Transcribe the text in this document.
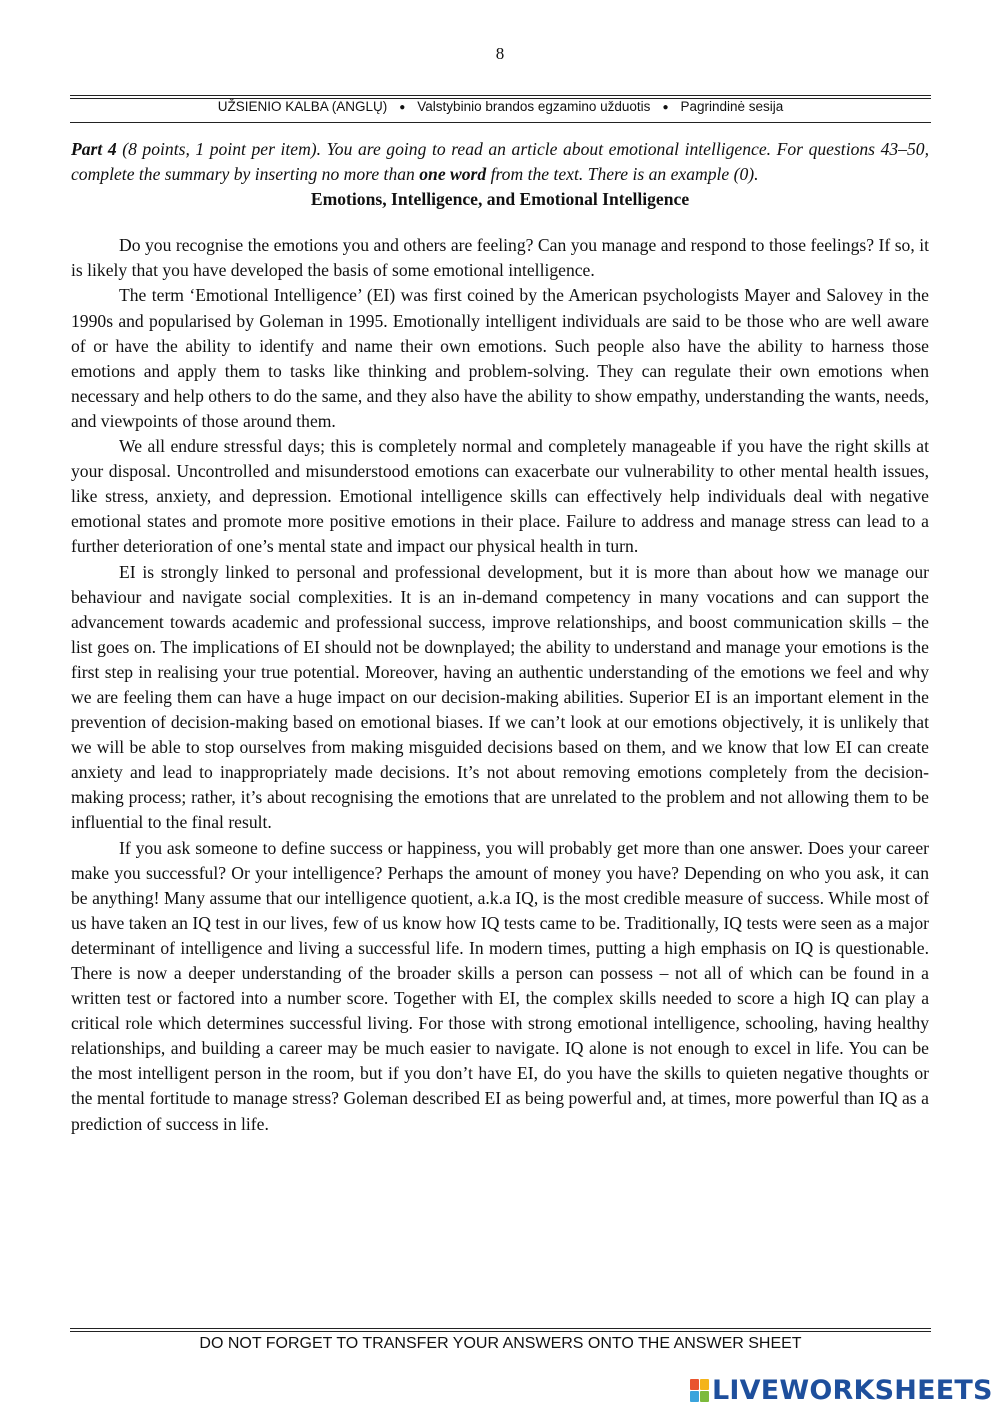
8
UŽSIENIO KALBA (ANGLŲ) ● Valstybinio brandos egzamino užduotis ● Pagrindinė sesija

Part 4 (8 points, 1 point per item). You are going to read an article about emotional intelligence. For questions 43–50, complete the summary by inserting no more than one word from the text. There is an example (0).

Emotions, Intelligence, and Emotional Intelligence

Do you recognise the emotions you and others are feeling? Can you manage and respond to those feelings? If so, it is likely that you have developed the basis of some emotional intelligence.

The term ‘Emotional Intelligence’ (EI) was first coined by the American psychologists Mayer and Salovey in the 1990s and popularised by Goleman in 1995. Emotionally intelligent individuals are said to be those who are well aware of or have the ability to identify and name their own emotions. Such people also have the ability to harness those emotions and apply them to tasks like thinking and problem-solving. They can regulate their own emotions when necessary and help others to do the same, and they also have the ability to show empathy, understanding the wants, needs, and viewpoints of those around them.

We all endure stressful days; this is completely normal and completely manageable if you have the right skills at your disposal. Uncontrolled and misunderstood emotions can exacerbate our vulnerability to other mental health issues, like stress, anxiety, and depression. Emotional intelligence skills can effectively help individuals deal with negative emotional states and promote more positive emotions in their place. Failure to address and manage stress can lead to a further deterioration of one’s mental state and impact our physical health in turn.

EI is strongly linked to personal and professional development, but it is more than about how we manage our behaviour and navigate social complexities. It is an in-demand competency in many vocations and can support the advancement towards academic and professional success, improve relationships, and boost communication skills – the list goes on. The implications of EI should not be downplayed; the ability to understand and manage your emotions is the first step in realising your true potential. Moreover, having an authentic understanding of the emotions we feel and why we are feeling them can have a huge impact on our decision-making abilities. Superior EI is an important element in the prevention of decision-making based on emotional biases. If we can’t look at our emotions objectively, it is unlikely that we will be able to stop ourselves from making misguided decisions based on them, and we know that low EI can create anxiety and lead to inappropriately made decisions. It’s not about removing emotions completely from the decision-making process; rather, it’s about recognising the emotions that are unrelated to the problem and not allowing them to be influential to the final result.

If you ask someone to define success or happiness, you will probably get more than one answer. Does your career make you successful? Or your intelligence? Perhaps the amount of money you have? Depending on who you ask, it can be anything! Many assume that our intelligence quotient, a.k.a IQ, is the most credible measure of success. While most of us have taken an IQ test in our lives, few of us know how IQ tests came to be. Traditionally, IQ tests were seen as a major determinant of intelligence and living a successful life. In modern times, putting a high emphasis on IQ is questionable. There is now a deeper understanding of the broader skills a person can possess – not all of which can be found in a written test or factored into a number score. Together with EI, the complex skills needed to score a high IQ can play a critical role which determines successful living. For those with strong emotional intelligence, schooling, having healthy relationships, and building a career may be much easier to navigate. IQ alone is not enough to excel in life. You can be the most intelligent person in the room, but if you don’t have EI, do you have the skills to quieten negative thoughts or the mental fortitude to manage stress? Goleman described EI as being powerful and, at times, more powerful than IQ as a prediction of success in life.

DO NOT FORGET TO TRANSFER YOUR ANSWERS ONTO THE ANSWER SHEET
LIVEWORKSHEETS
